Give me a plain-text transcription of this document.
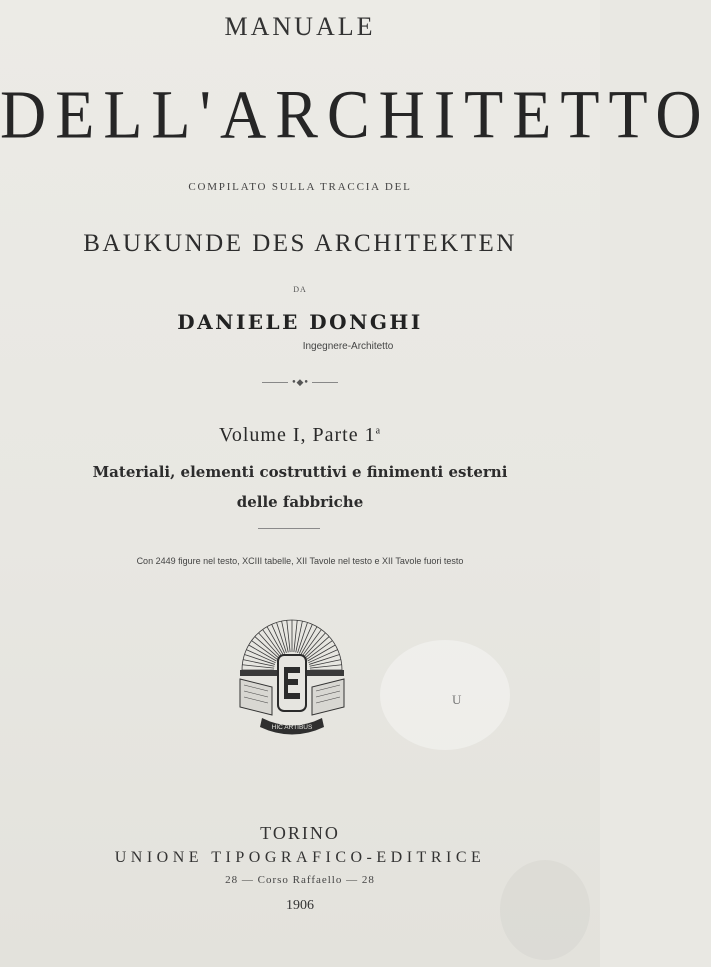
MANUALE
DELL'ARCHITETTO
COMPILATO SULLA TRACCIA DEL
BAUKUNDE DES ARCHITEKTEN
DA
DANIELE DONGHI
Ingegnere-Architetto
•◆•
Volume I, Parte 1$^a$
Materiali, elementi costruttivi e finimenti esterni
delle fabbriche
Con 2449 figure nel testo, XCIII tabelle, XII Tavole nel testo e XII Tavole fuori testo
HIC ARTIBUS
U
TORINO
UNIONE TIPOGRAFICO-EDITRICE
28 — Corso Raffaello — 28
1906
